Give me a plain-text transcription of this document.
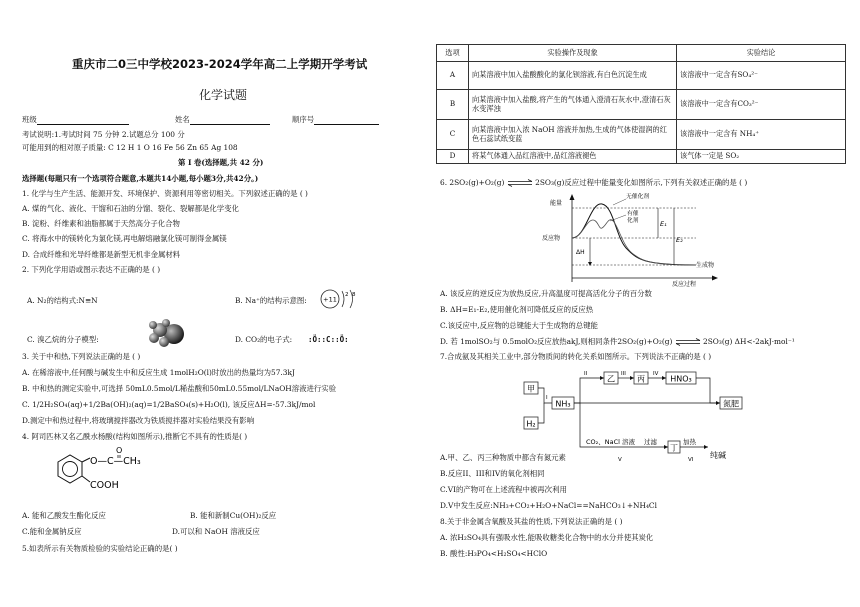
重庆市二0三中学校2023-2024学年高二上学期开学考试
化学试题
班级	姓名	顺序号
考试说明:1.考试时间 75 分钟 2.试题总分 100 分
可能用到的相对原子质量: C 12 H 1 O 16 Fe 56 Zn 65 Ag 108
第 I 卷(选择题,共 42 分)
选择题(每题只有一个选项符合题意,本题共14小题,每小题3分,共42分。)
1. 化学与生产生活、能源开发、环境保护、资源利用等密切相关。下列叙述正确的是 ( )
A. 煤的气化、液化、干馏和石油的分馏、裂化、裂解都是化学变化
B. 淀粉、纤维素和油脂都属于天然高分子化合物
C. 将海水中的镁转化为氯化镁,再电解熔融氯化镁可制得金属镁
D. 合成纤维和光导纤维都是新型无机非金属材料
2. 下列化学用语或图示表达不正确的是 ( )
A. N₂的结构式:N≡N	B. Na⁺的结构示意图:	+11
2 8
C. 溴乙烷的分子模型:	D. CO₂的电子式: :Ö::C::Ö:
3. 关于中和热,下列说法正确的是 ( )
A. 在稀溶液中,任何酸与碱发生中和反应生成 1molH₂O(l)时放出的热量均为57.3kJ
B. 中和热的测定实验中,可选择 50mL0.5mol/L稀盐酸和50mL0.55mol/LNaOH溶液进行实验
C. 1/2H₂SO₄(aq)+1/2Ba(OH)₂(aq)=1/2BaSO₄(s)+H₂O(l), 该反应ΔH=-57.3kJ/mol
D.测定中和热过程中,将玻璃搅拌器改为铁质搅拌器对实验结果没有影响
4. 阿司匹林又名乙酰水杨酸(结构如图所示),推断它不具有的性质是( )
O
O—C—CH₃
COOH
A. 能和乙酸发生酯化反应	B. 能和新制Cu(OH)₂反应
C.能和金属钠反应	D.可以和 NaOH 溶液反应
5.如表所示有关物质检验的实验结论正确的是( )
选项	实验操作及现象	实验结论
A	向某溶液中加入盐酸酸化的氯化钡溶液,有白色沉淀生成	该溶液中一定含有SO₄²⁻
B	向某溶液中加入盐酸,将产生的气体通入澄清石灰水中,澄清石灰水变浑浊	该溶液中一定含有CO₃²⁻
C	向某溶液中加入浓 NaOH 溶液并加热,生成的气体使湿润的红色石蕊试纸变蓝	该溶液中一定含有 NH₄⁺
D	将某气体通入品红溶液中,品红溶液褪色	该气体一定是 SO₂
6. 2SO₂(g)+O₂(g) ⇌ 2SO₃(g)反应过程中能量变化如图所示,下列有关叙述正确的是 ( )
能量
反应过程
无催化剂
有催
化剂
反应物
生成物
E₁
E₂
ΔH
A. 该反应的逆反应为放热反应,升高温度可提高活化分子的百分数
B. ΔH=E₁-E₂,使用催化剂可降低反应的反应热
C.该反应中,反应物的总键能大于生成物的总键能
D. 若 1molSO₂与 0.5molO₂反应放热akJ,则相同条件2SO₂(g)+O₂(g) ⇌ 2SO₃(g) ΔH<-2akJ·mol⁻¹
7.合成氨及其相关工业中,部分物质间的转化关系如图所示。下列说法不正确的是 ( )
甲
H₂
NH₃
乙	丙	HNO₃
氮肥
丁
纯碱
I
II	III	IV
V	VI
CO₂、NaCl 溶液 过滤	加热
A.甲、乙、丙三种物质中都含有氮元素
B.反应II、III和IV的氧化剂相同
C.VI的产物可在上述流程中被再次利用
D.V中发生反应:NH₃+CO₂+H₂O+NaCl==NaHCO₃↓+NH₄Cl
8.关于非金属含氧酸及其盐的性质,下列说法正确的是 ( )
A. 浓H₂SO₄具有强吸水性,能吸收糖类化合物中的水分并使其炭化
B. 酸性:H₃PO₄<H₂SO₄<HClO
